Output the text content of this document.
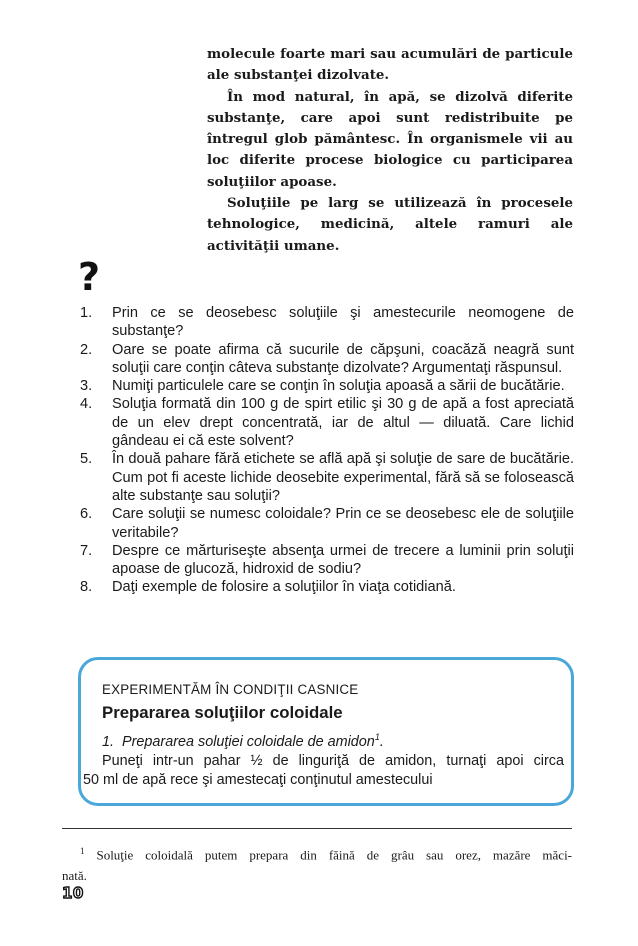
molecule foarte mari sau acumulări de particule ale substanţei dizolvate.

În mod natural, în apă, se dizolvă diferite substanţe, care apoi sunt redistribuite pe întregul glob pământesc. În organismele vii au loc diferite procese biologice cu participarea soluţiilor apoase.

Soluţiile pe larg se utilizează în procesele tehnologice, medicină, altele ramuri ale activităţii umane.

?
1. Prin ce se deosebesc soluţiile şi amestecurile neomogene de substanţe?
2. Oare se poate afirma că sucurile de căpşuni, coacăză neagră sunt soluţii care conţin câteva substanţe dizolvate? Argumentaţi răspunsul.
3. Numiţi particulele care se conţin în soluţia apoasă a sării de bucătărie.
4. Soluţia formată din 100 g de spirt etilic şi 30 g de apă a fost apreciată de un elev drept concentrată, iar de altul — diluată. Care lichid gândeau ei că este solvent?
5. În două pahare fără etichete se află apă şi soluţie de sare de bucătărie. Cum pot fi aceste lichide deosebite experimental, fără să se folosească alte substanţe sau soluţii?
6. Care soluţii se numesc coloidale? Prin ce se deosebesc ele de soluţiile veritabile?
7. Despre ce mărturiseşte absenţa urmei de trecere a luminii prin soluţii apoase de glucoză, hidroxid de sodiu?
8. Daţi exemple de folosire a soluţiilor în viaţa cotidiană.
EXPERIMENTĂM ÎN CONDIŢII CASNICE
Prepararea soluţiilor coloidale
1. Prepararea soluţiei coloidale de amidon$^1$.
Puneţi intr-un pahar ½ de linguriţă de amidon, turnaţi apoi circa
50 ml de apă rece şi amestecaţi conţinutul amestecului
$^1$ Soluţie coloidală putem prepara din făină de grâu sau orez, mazăre măci-
nată.
10
